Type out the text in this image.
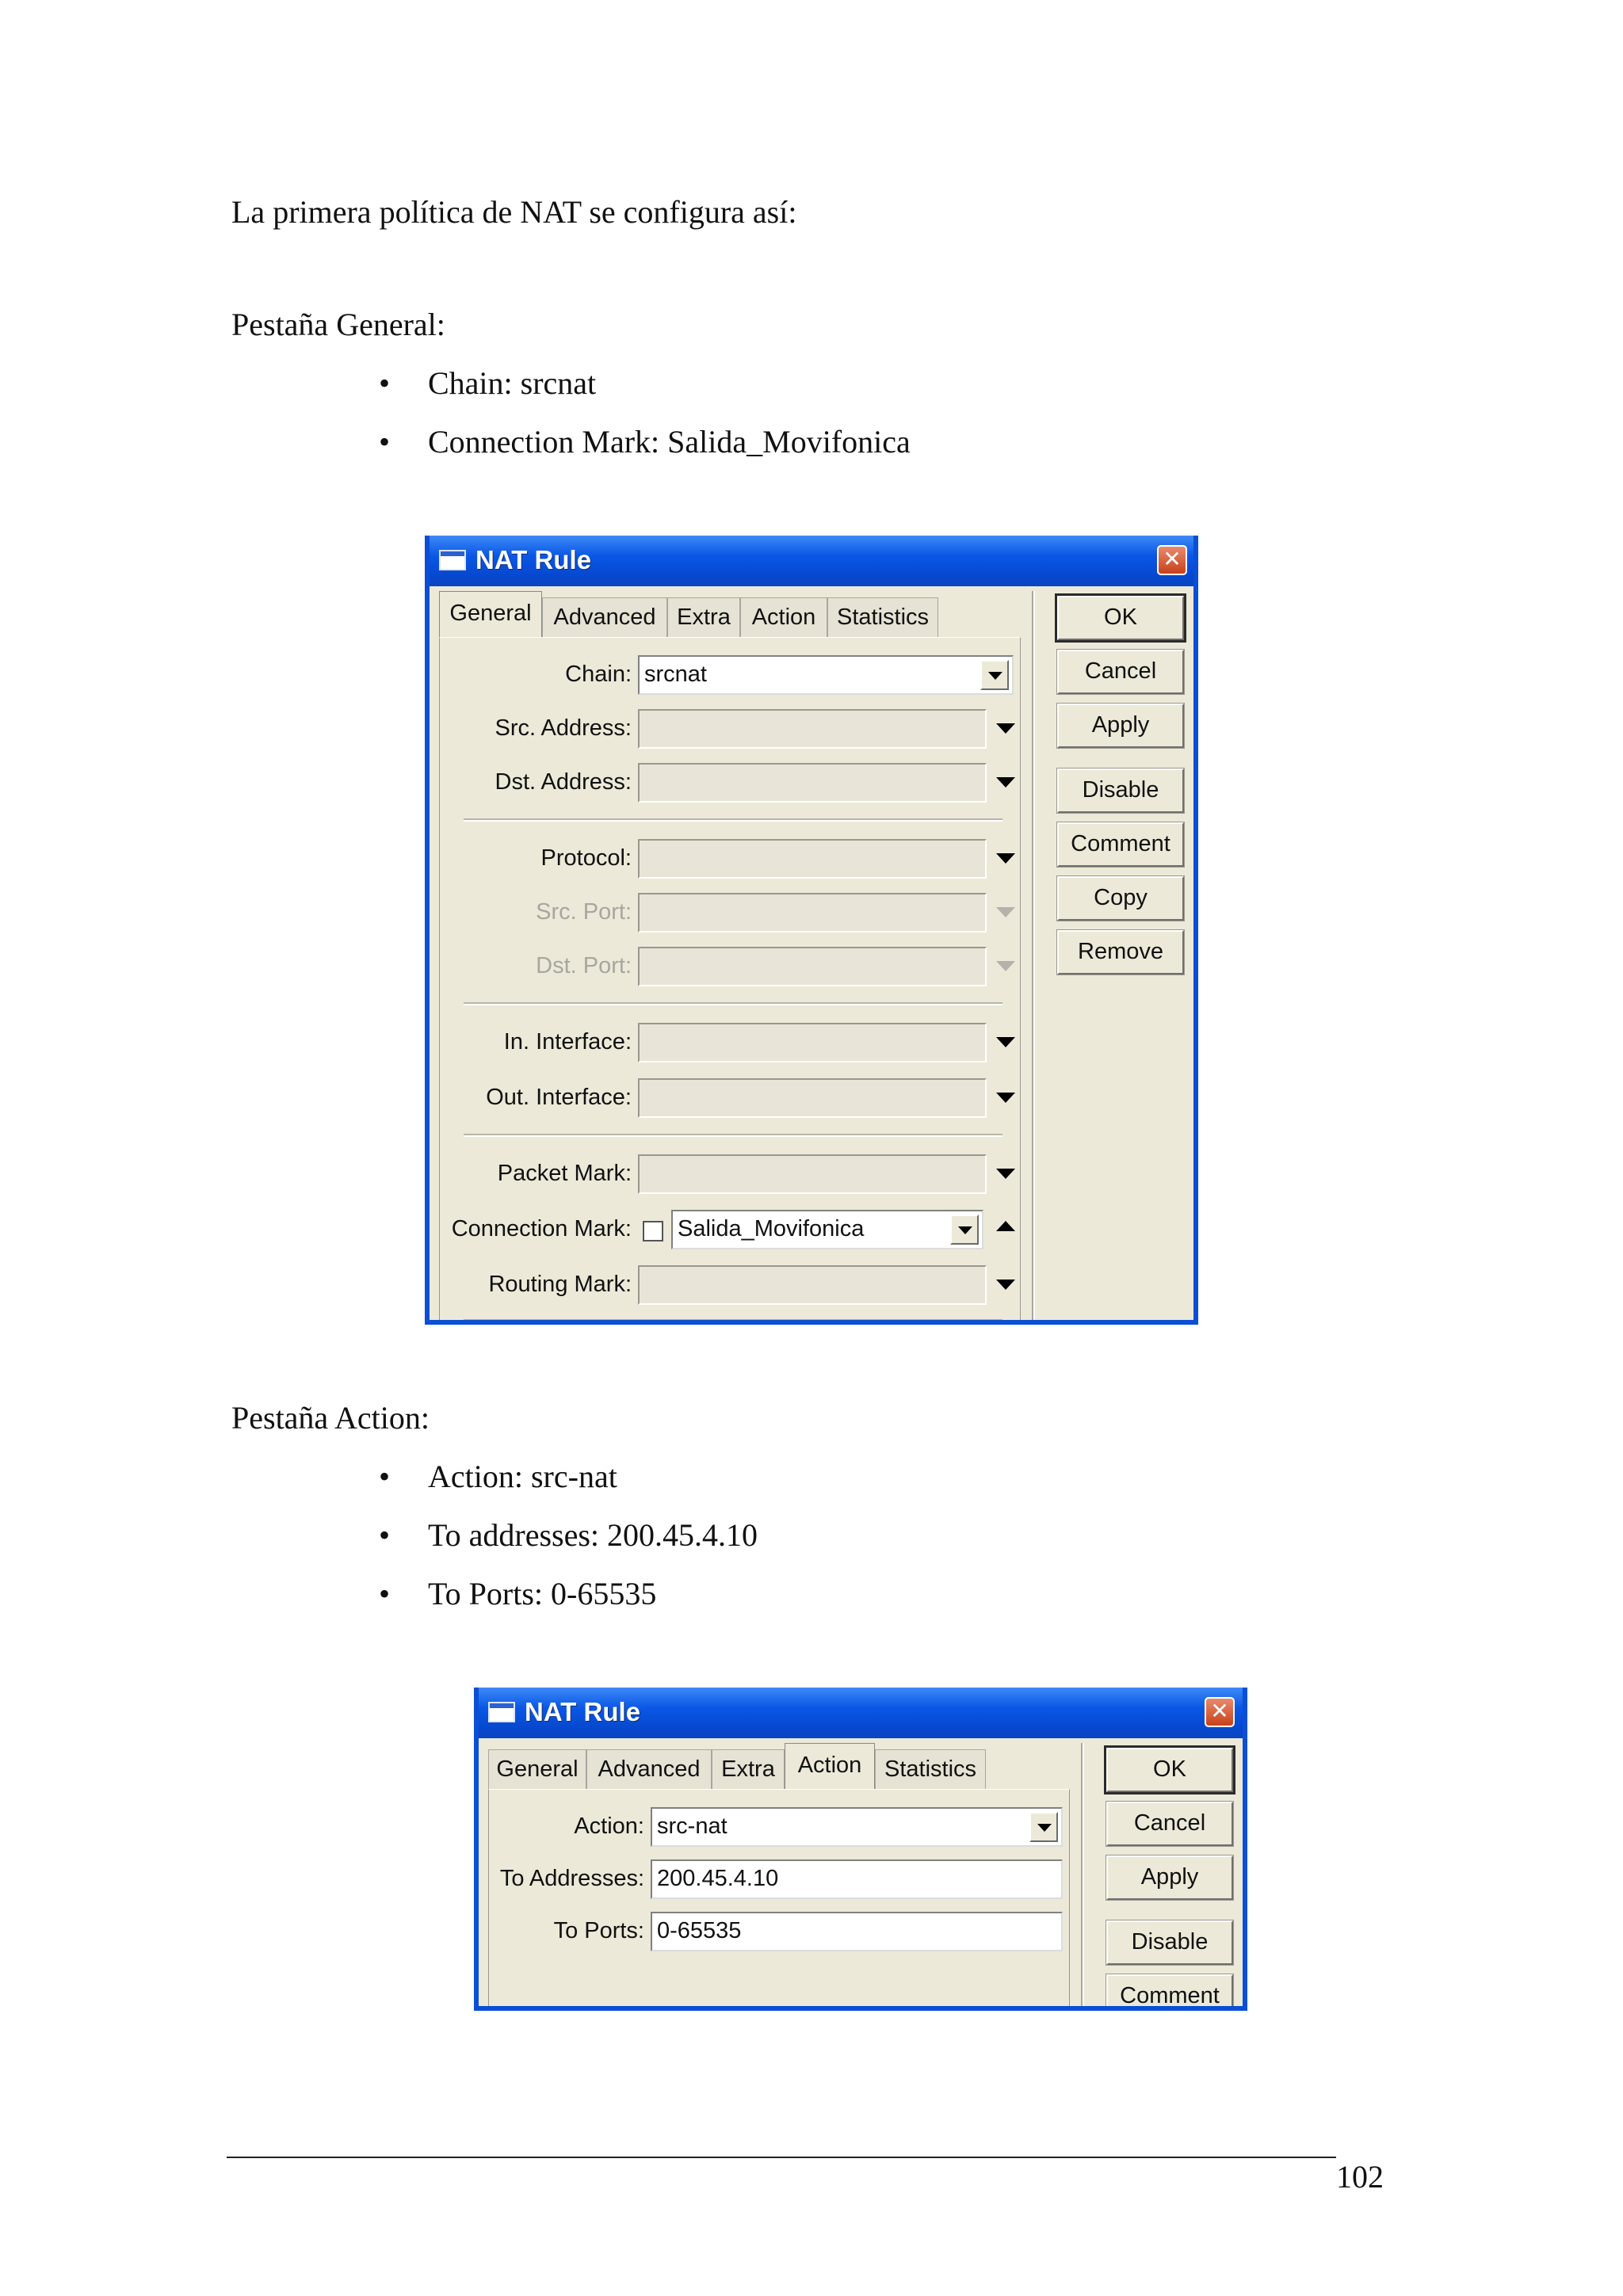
La primera política de NAT se configura así:
Pestaña General:
• Chain: srcnat
• Connection Mark: Salida_Movifonica
NAT Rule	✕
General Advanced Extra Action Statistics
Chain: srcnat
Src. Address:
Dst. Address:
Protocol:
Src. Port:
Dst. Port:
In. Interface:
Out. Interface:
Packet Mark:
Connection Mark: Salida_Movifonica
Routing Mark:
OK
Cancel
Apply
Disable
Comment
Copy
Remove
Pestaña Action:
• Action: src-nat
• To addresses: 200.45.4.10
• To Ports: 0-65535
NAT Rule	✕
General Advanced Extra Action Statistics
Action: src-nat
To Addresses: 200.45.4.10
To Ports: 0-65535
OK
Cancel
Apply
Disable
Comment
102
